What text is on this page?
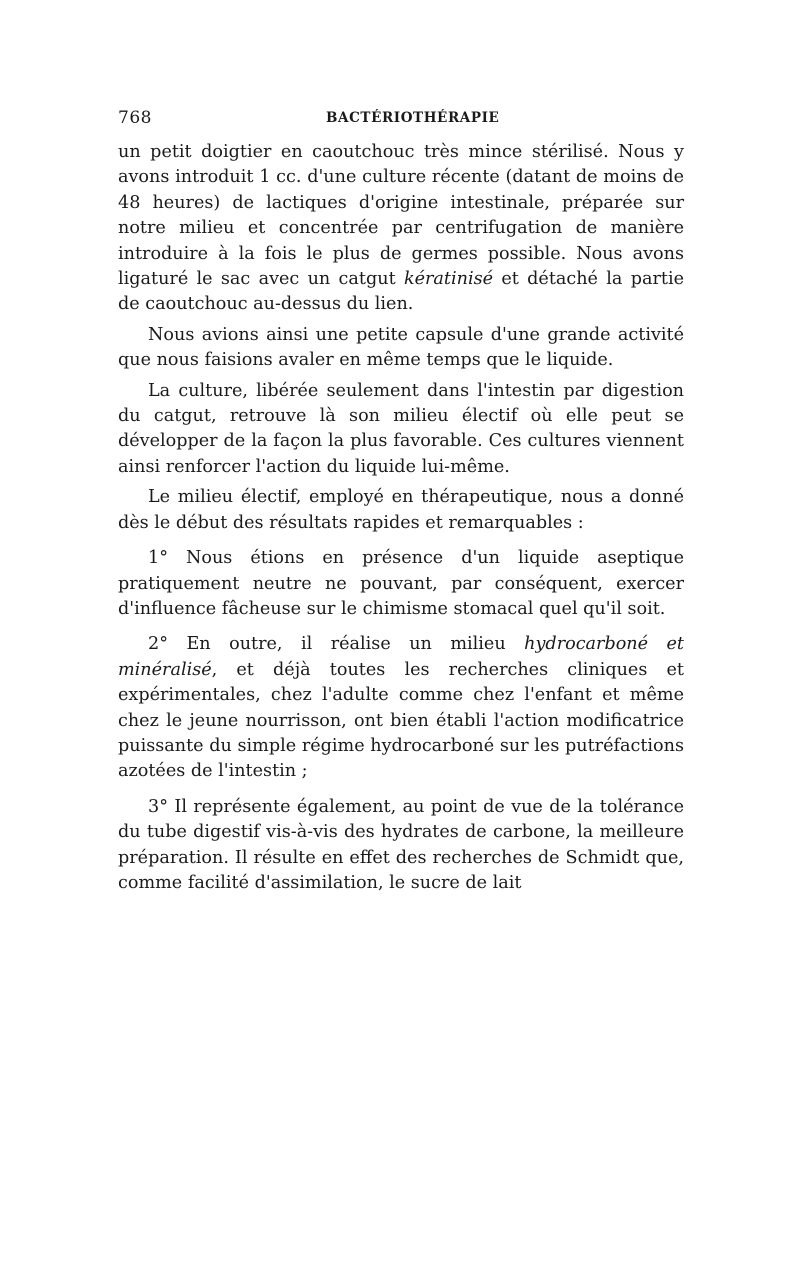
768	BACTÉRIOTHÉRAPIE

un petit doigtier en caoutchouc très mince stérilisé. Nous y avons introduit 1 cc. d'une culture récente (datant de moins de 48 heures) de lactiques d'origine intestinale, préparée sur notre milieu et concentrée par centrifugation de manière introduire à la fois le plus de germes possible. Nous avons ligaturé le sac avec un catgut kératinisé et détaché la partie de caoutchouc au-dessus du lien.

Nous avions ainsi une petite capsule d'une grande activité que nous faisions avaler en même temps que le liquide.

La culture, libérée seulement dans l'intestin par digestion du catgut, retrouve là son milieu électif où elle peut se développer de la façon la plus favorable. Ces cultures viennent ainsi renforcer l'action du liquide lui-même.

Le milieu électif, employé en thérapeutique, nous a donné dès le début des résultats rapides et remarquables :

1° Nous étions en présence d'un liquide aseptique pratiquement neutre ne pouvant, par conséquent, exercer d'influence fâcheuse sur le chimisme stomacal quel qu'il soit.

2° En outre, il réalise un milieu hydrocarboné et minéralisé, et déjà toutes les recherches cliniques et expérimentales, chez l'adulte comme chez l'enfant et même chez le jeune nourrisson, ont bien établi l'action modificatrice puissante du simple régime hydrocarboné sur les putréfactions azotées de l'intestin ;

3° Il représente également, au point de vue de la tolérance du tube digestif vis-à-vis des hydrates de carbone, la meilleure préparation. Il résulte en effet des recherches de Schmidt que, comme facilité d'assimilation, le sucre de lait
